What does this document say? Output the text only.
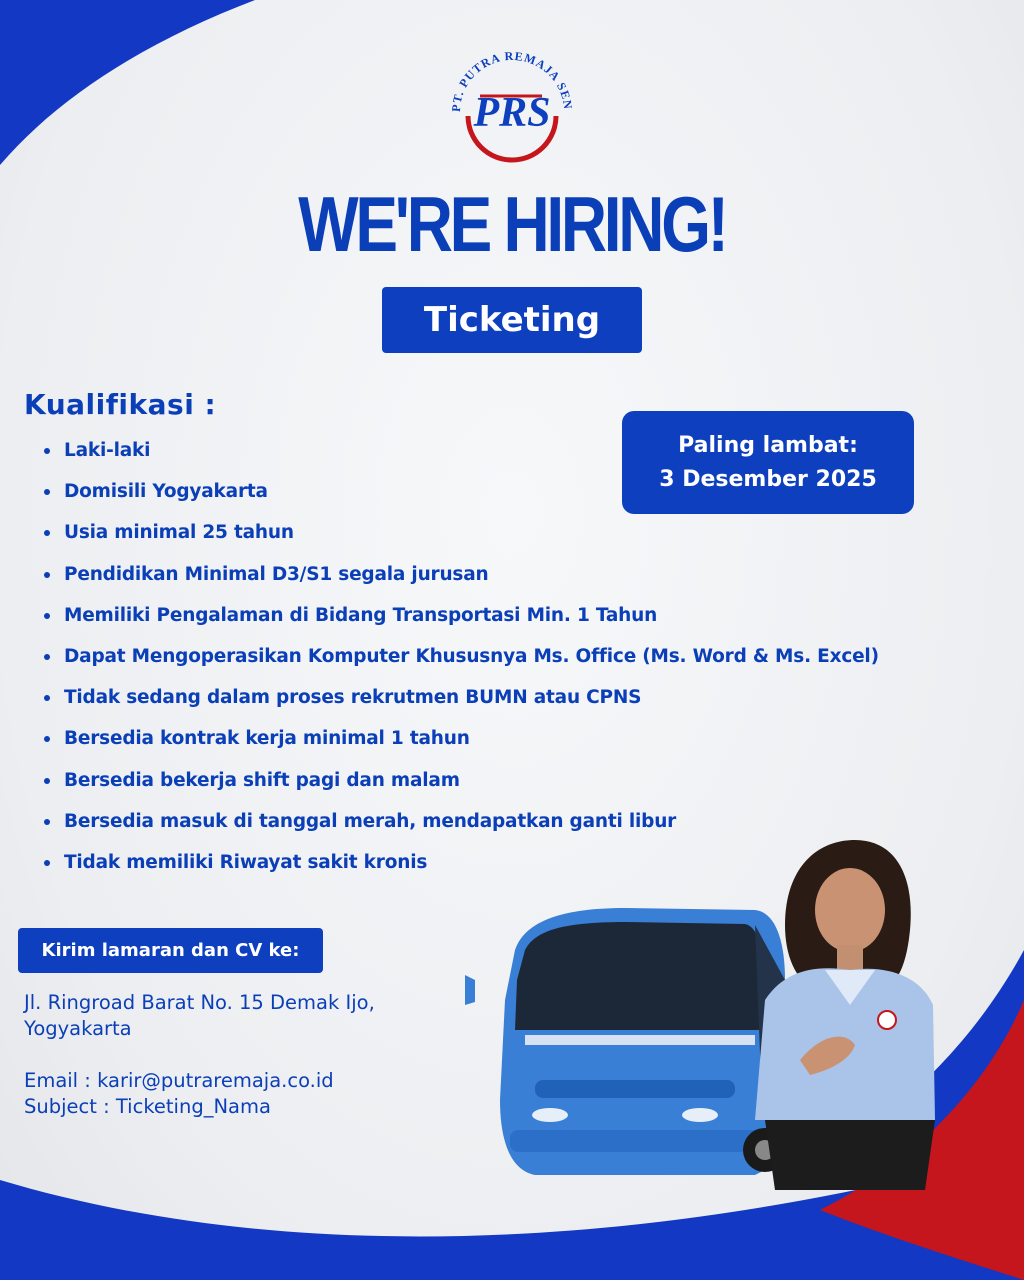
PT. PUTRA REMAJA SEN
PRS
WE'RE HIRING!
Ticketing
Kualifikasi :
Laki-laki
Domisili Yogyakarta
Usia minimal 25 tahun
Pendidikan Minimal D3/S1 segala jurusan
Memiliki Pengalaman di Bidang Transportasi Min. 1 Tahun
Dapat Mengoperasikan Komputer Khususnya Ms. Office (Ms. Word & Ms. Excel)
Tidak sedang dalam proses rekrutmen BUMN atau CPNS
Bersedia kontrak kerja minimal 1 tahun
Bersedia bekerja shift pagi dan malam
Bersedia masuk di tanggal merah, mendapatkan ganti libur
Tidak memiliki Riwayat sakit kronis
Paling lambat:
3 Desember 2025
Kirim lamaran dan CV ke:
Jl. Ringroad Barat No. 15 Demak Ijo,
Yogyakarta
Email : karir@putraremaja.co.id
Subject : Ticketing_Nama
